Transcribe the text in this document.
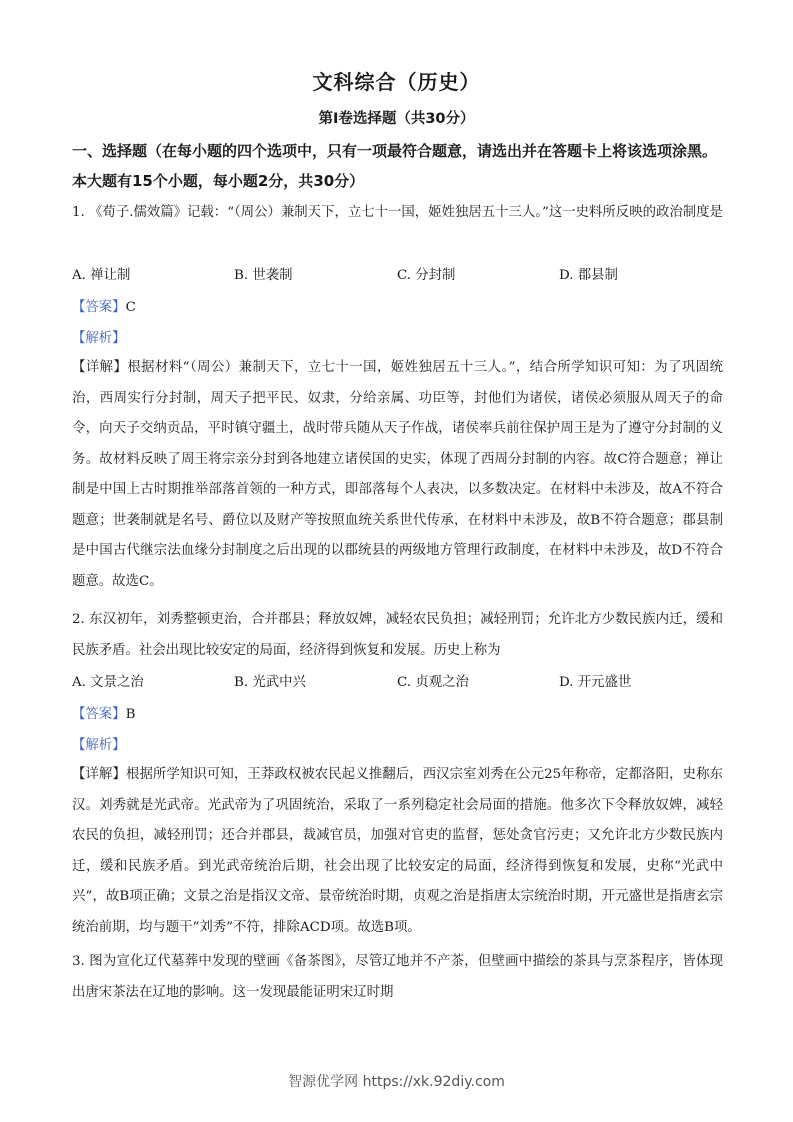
文科综合（历史）
第Ⅰ卷选择题（共30分）
一、选择题（在每小题的四个选项中，只有一项最符合题意，请选出并在答题卡上将该选项涂黑。本大题有15个小题，每小题2分，共30分）
1. 《荀子.儒效篇》记载：“（周公）兼制天下，立七十一国，姬姓独居五十三人。”这一史料所反映的政治制度是
A. 禅让制	B. 世袭制	C. 分封制	D. 郡县制
【答案】C
【解析】
【详解】根据材料“（周公）兼制天下，立七十一国，姬姓独居五十三人。”，结合所学知识可知：为了巩固统治，西周实行分封制，周天子把平民、奴隶，分给亲属、功臣等，封他们为诸侯，诸侯必须服从周天子的命令，向天子交纳贡品，平时镇守疆土，战时带兵随从天子作战，诸侯率兵前往保护周王是为了遵守分封制的义务。故材料反映了周王将宗亲分封到各地建立诸侯国的史实，体现了西周分封制的内容。故C符合题意；禅让制是中国上古时期推举部落首领的一种方式，即部落每个人表决，以多数决定。在材料中未涉及，故A不符合题意；世袭制就是名号、爵位以及财产等按照血统关系世代传承，在材料中未涉及，故B不符合题意；郡县制是中国古代继宗法血缘分封制度之后出现的以郡统县的两级地方管理行政制度，在材料中未涉及，故D不符合题意。故选C。
2. 东汉初年，刘秀整顿吏治，合并郡县；释放奴婢，减轻农民负担；减轻刑罚；允许北方少数民族内迁，缓和民族矛盾。社会出现比较安定的局面，经济得到恢复和发展。历史上称为
A. 文景之治	B. 光武中兴	C. 贞观之治	D. 开元盛世
【答案】B
【解析】
【详解】根据所学知识可知，王莽政权被农民起义推翻后，西汉宗室刘秀在公元25年称帝，定都洛阳，史称东汉。刘秀就是光武帝。光武帝为了巩固统治，采取了一系列稳定社会局面的措施。他多次下令释放奴婢，减轻农民的负担，减轻刑罚；还合并郡县，裁减官员，加强对官吏的监督，惩处贪官污吏；又允许北方少数民族内迁，缓和民族矛盾。到光武帝统治后期，社会出现了比较安定的局面，经济得到恢复和发展，史称“光武中兴”，故B项正确；文景之治是指汉文帝、景帝统治时期，贞观之治是指唐太宗统治时期，开元盛世是指唐玄宗统治前期，均与题干“刘秀”不符，排除ACD项。故选B项。
3. 图为宣化辽代墓葬中发现的壁画《备茶图》，尽管辽地并不产茶，但壁画中描绘的茶具与烹茶程序，皆体现出唐宋茶法在辽地的影响。这一发现最能证明宋辽时期
智源优学网 https://xk.92diy.com
